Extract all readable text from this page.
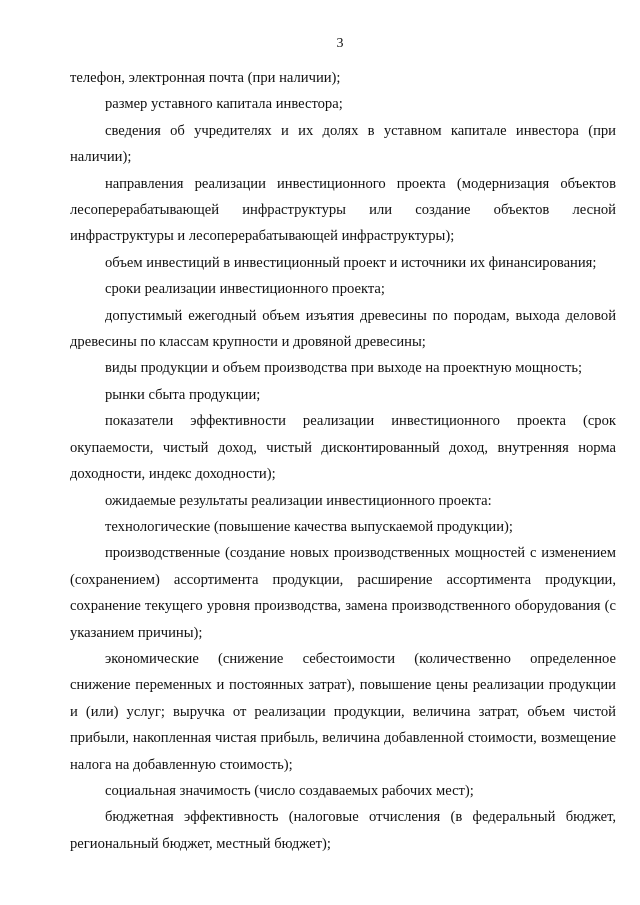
3

телефон, электронная почта (при наличии);

размер уставного капитала инвестора;

сведения об учредителях и их долях в уставном капитале инвестора (при наличии);

направления реализации инвестиционного проекта (модернизация объектов лесоперерабатывающей инфраструктуры или создание объектов лесной инфраструктуры и лесоперерабатывающей инфраструктуры);

объем инвестиций в инвестиционный проект и источники их финансирования;

сроки реализации инвестиционного проекта;

допустимый ежегодный объем изъятия древесины по породам, выхода деловой древесины по классам крупности и дровяной древесины;

виды продукции и объем производства при выходе на проектную мощность;

рынки сбыта продукции;

показатели эффективности реализации инвестиционного проекта (срок окупаемости, чистый доход, чистый дисконтированный доход, внутренняя норма доходности, индекс доходности);

ожидаемые результаты реализации инвестиционного проекта:

технологические (повышение качества выпускаемой продукции);

производственные (создание новых производственных мощностей с изменением (сохранением) ассортимента продукции, расширение ассортимента продукции, сохранение текущего уровня производства, замена производственного оборудования (с указанием причины);

экономические (снижение себестоимости (количественно определенное снижение переменных и постоянных затрат), повышение цены реализации продукции и (или) услуг; выручка от реализации продукции, величина затрат, объем чистой прибыли, накопленная чистая прибыль, величина добавленной стоимости, возмещение налога на добавленную стоимость);

социальная значимость (число создаваемых рабочих мест);

бюджетная эффективность (налоговые отчисления (в федеральный бюджет, региональный бюджет, местный бюджет);
